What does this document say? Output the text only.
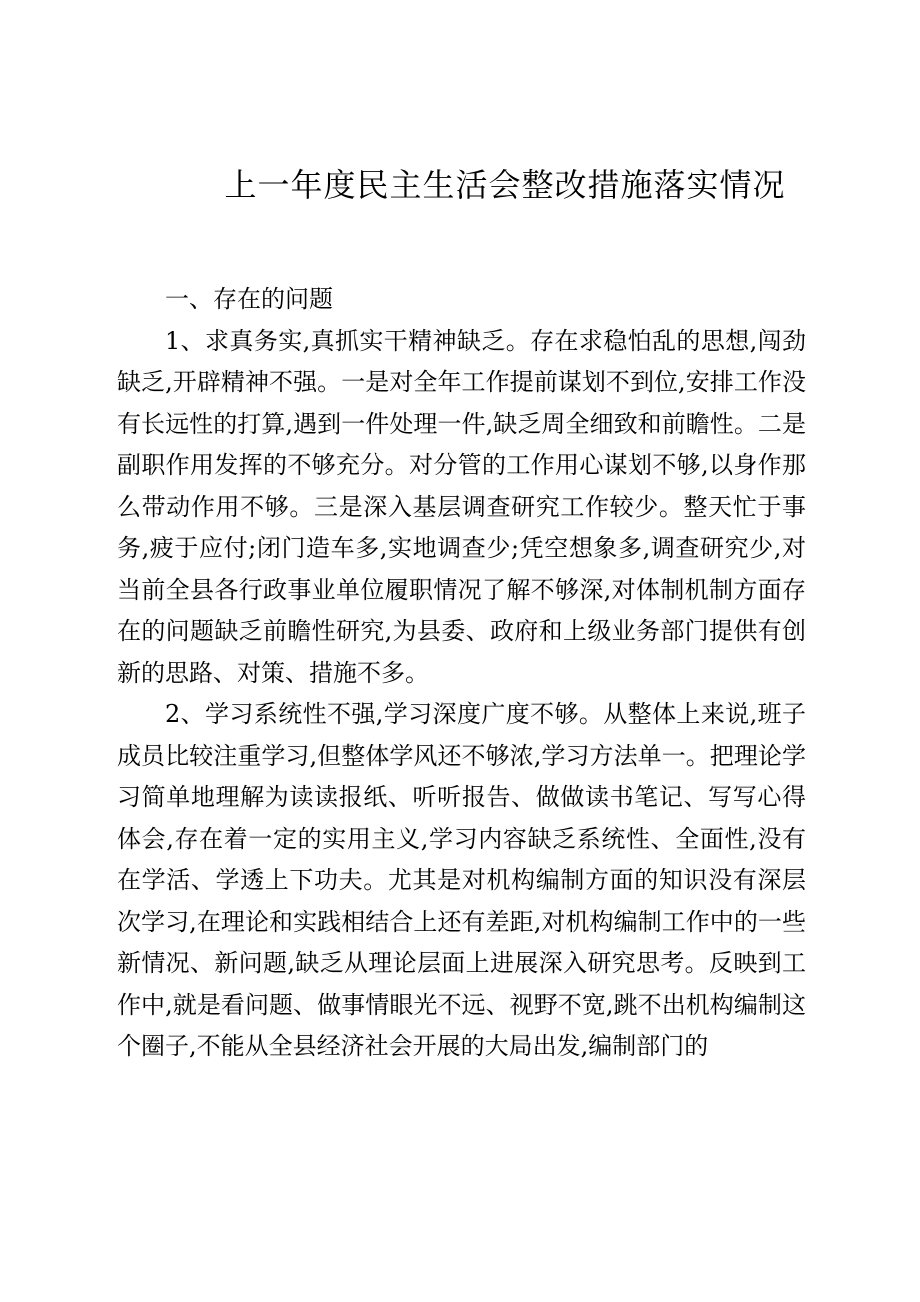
上一年度民主生活会整改措施落实情况

一、存在的问题

1、求真务实,真抓实干精神缺乏。存在求稳怕乱的思想,闯劲缺乏,开辟精神不强。一是对全年工作提前谋划不到位,安排工作没有长远性的打算,遇到一件处理一件,缺乏周全细致和前瞻性。二是副职作用发挥的不够充分。对分管的工作用心谋划不够,以身作那么带动作用不够。三是深入基层调查研究工作较少。整天忙于事务,疲于应付;闭门造车多,实地调查少;凭空想象多,调查研究少,对当前全县各行政事业单位履职情况了解不够深,对体制机制方面存在的问题缺乏前瞻性研究,为县委、政府和上级业务部门提供有创新的思路、对策、措施不多。

2、学习系统性不强,学习深度广度不够。从整体上来说,班子成员比较注重学习,但整体学风还不够浓,学习方法单一。把理论学习简单地理解为读读报纸、听听报告、做做读书笔记、写写心得体会,存在着一定的实用主义,学习内容缺乏系统性、全面性,没有在学活、学透上下功夫。尤其是对机构编制方面的知识没有深层次学习,在理论和实践相结合上还有差距,对机构编制工作中的一些新情况、新问题,缺乏从理论层面上进展深入研究思考。反映到工作中,就是看问题、做事情眼光不远、视野不宽,跳不出机构编制这个圈子,不能从全县经济社会开展的大局出发,编制部门的
